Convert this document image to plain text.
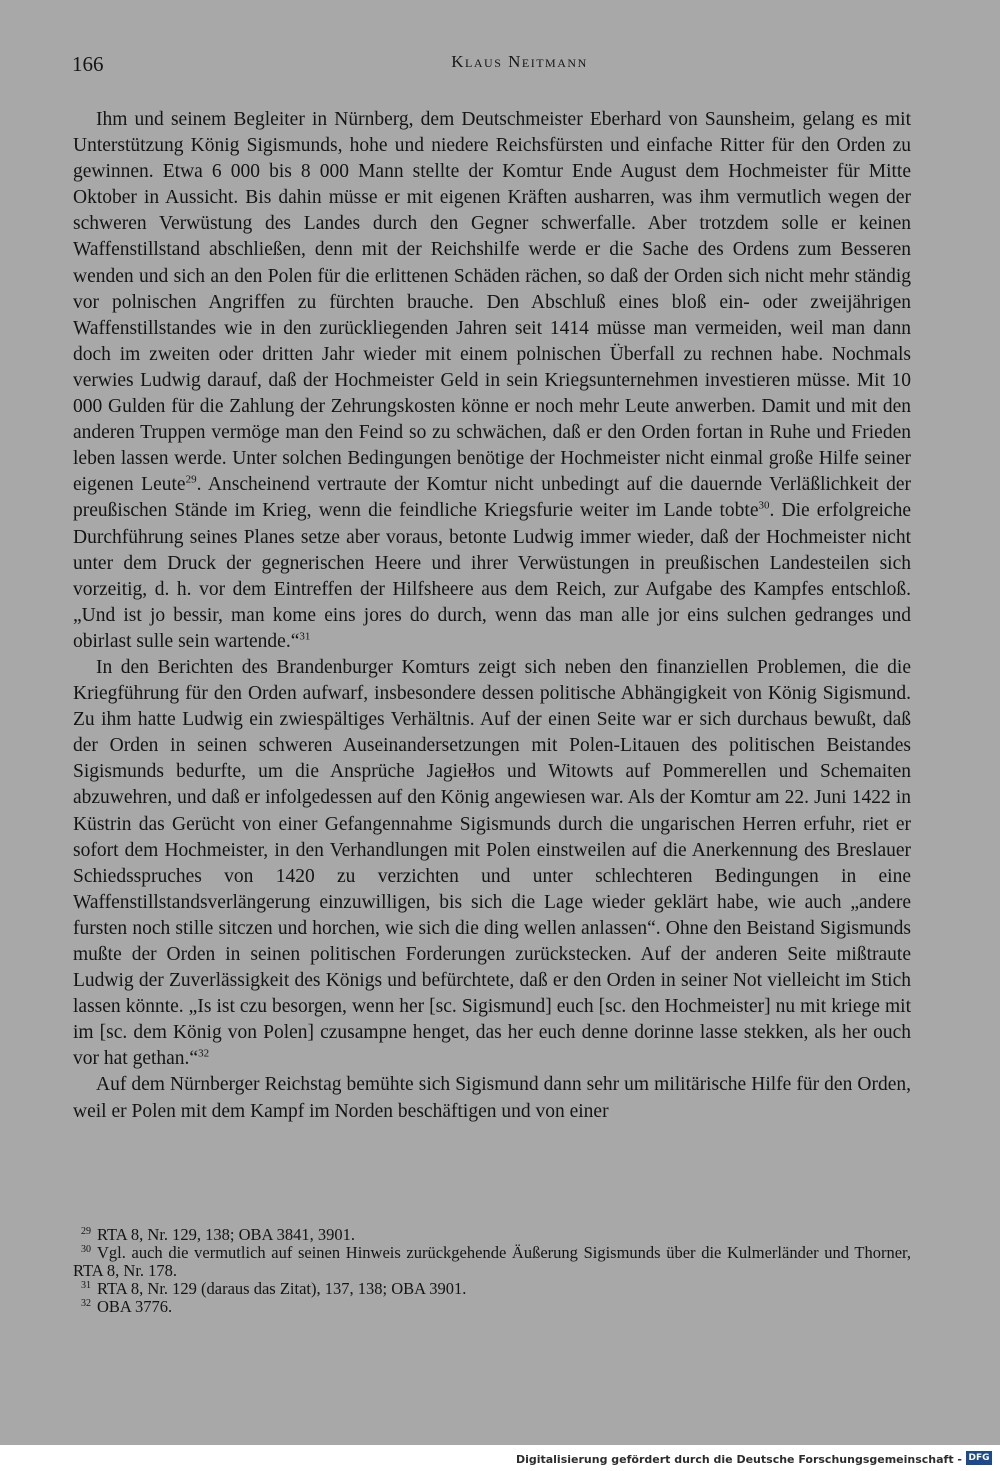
166	Klaus Neitmann

Ihm und seinem Begleiter in Nürnberg, dem Deutschmeister Eberhard von Saunsheim, gelang es mit Unterstützung König Sigismunds, hohe und niedere Reichsfürsten und einfache Ritter für den Orden zu gewinnen. Etwa 6 000 bis 8 000 Mann stellte der Komtur Ende August dem Hochmeister für Mitte Oktober in Aussicht. Bis dahin müsse er mit eigenen Kräften ausharren, was ihm vermutlich wegen der schweren Verwüstung des Landes durch den Gegner schwerfalle. Aber trotzdem solle er keinen Waffenstillstand abschließen, denn mit der Reichshilfe werde er die Sache des Ordens zum Besseren wenden und sich an den Polen für die erlittenen Schäden rächen, so daß der Orden sich nicht mehr ständig vor polnischen Angriffen zu fürchten brauche. Den Abschluß eines bloß ein- oder zweijährigen Waffenstillstandes wie in den zurückliegenden Jahren seit 1414 müsse man vermeiden, weil man dann doch im zweiten oder dritten Jahr wieder mit einem polnischen Überfall zu rechnen habe. Nochmals verwies Ludwig darauf, daß der Hochmeister Geld in sein Kriegsunternehmen investieren müsse. Mit 10 000 Gulden für die Zahlung der Zehrungskosten könne er noch mehr Leute anwerben. Damit und mit den anderen Truppen vermöge man den Feind so zu schwächen, daß er den Orden fortan in Ruhe und Frieden leben lassen werde. Unter solchen Bedingungen benötige der Hochmeister nicht einmal große Hilfe seiner eigenen Leute$^{29}$. Anscheinend vertraute der Komtur nicht unbedingt auf die dauernde Verläßlichkeit der preußischen Stände im Krieg, wenn die feindliche Kriegsfurie weiter im Lande tobte$^{30}$. Die erfolgreiche Durchführung seines Planes setze aber voraus, betonte Ludwig immer wieder, daß der Hochmeister nicht unter dem Druck der gegnerischen Heere und ihrer Verwüstungen in preußischen Landesteilen sich vorzeitig, d. h. vor dem Eintreffen der Hilfsheere aus dem Reich, zur Aufgabe des Kampfes entschloß. „Und ist jo bessir, man kome eins jores do durch, wenn das man alle jor eins sulchen gedranges und obirlast sulle sein wartende.“$^{31}$

In den Berichten des Brandenburger Komturs zeigt sich neben den finanziellen Problemen, die die Kriegführung für den Orden aufwarf, insbesondere dessen politische Abhängigkeit von König Sigismund. Zu ihm hatte Ludwig ein zwiespältiges Verhältnis. Auf der einen Seite war er sich durchaus bewußt, daß der Orden in seinen schweren Auseinandersetzungen mit Polen-Litauen des politischen Beistandes Sigismunds bedurfte, um die Ansprüche Jagiełłos und Witowts auf Pommerellen und Schemaiten abzuwehren, und daß er infolgedessen auf den König angewiesen war. Als der Komtur am 22. Juni 1422 in Küstrin das Gerücht von einer Gefangennahme Sigismunds durch die ungarischen Herren erfuhr, riet er sofort dem Hochmeister, in den Verhandlungen mit Polen einstweilen auf die Anerkennung des Breslauer Schiedsspruches von 1420 zu verzichten und unter schlechteren Bedingungen in eine Waffenstillstandsverlängerung einzuwilligen, bis sich die Lage wieder geklärt habe, wie auch „andere fursten noch stille sitczen und horchen, wie sich die ding wellen anlassen“. Ohne den Beistand Sigismunds mußte der Orden in seinen politischen Forderungen zurückstecken. Auf der anderen Seite mißtraute Ludwig der Zuverlässigkeit des Königs und befürchtete, daß er den Orden in seiner Not vielleicht im Stich lassen könnte. „Is ist czu besorgen, wenn her [sc. Sigismund] euch [sc. den Hochmeister] nu mit kriege mit im [sc. dem König von Polen] czusampne henget, das her euch denne dorinne lasse stekken, als her ouch vor hat gethan.“$^{32}$

Auf dem Nürnberger Reichstag bemühte sich Sigismund dann sehr um militärische Hilfe für den Orden, weil er Polen mit dem Kampf im Norden beschäftigen und von einer

$^{29}$ RTA 8, Nr. 129, 138; OBA 3841, 3901.

$^{30}$ Vgl. auch die vermutlich auf seinen Hinweis zurückgehende Äußerung Sigismunds über die Kulmerländer und Thorner, RTA 8, Nr. 178.

$^{31}$ RTA 8, Nr. 129 (daraus das Zitat), 137, 138; OBA 3901.

$^{32}$ OBA 3776.

Digitalisierung gefördert durch die Deutsche Forschungsgemeinschaft - DFG
